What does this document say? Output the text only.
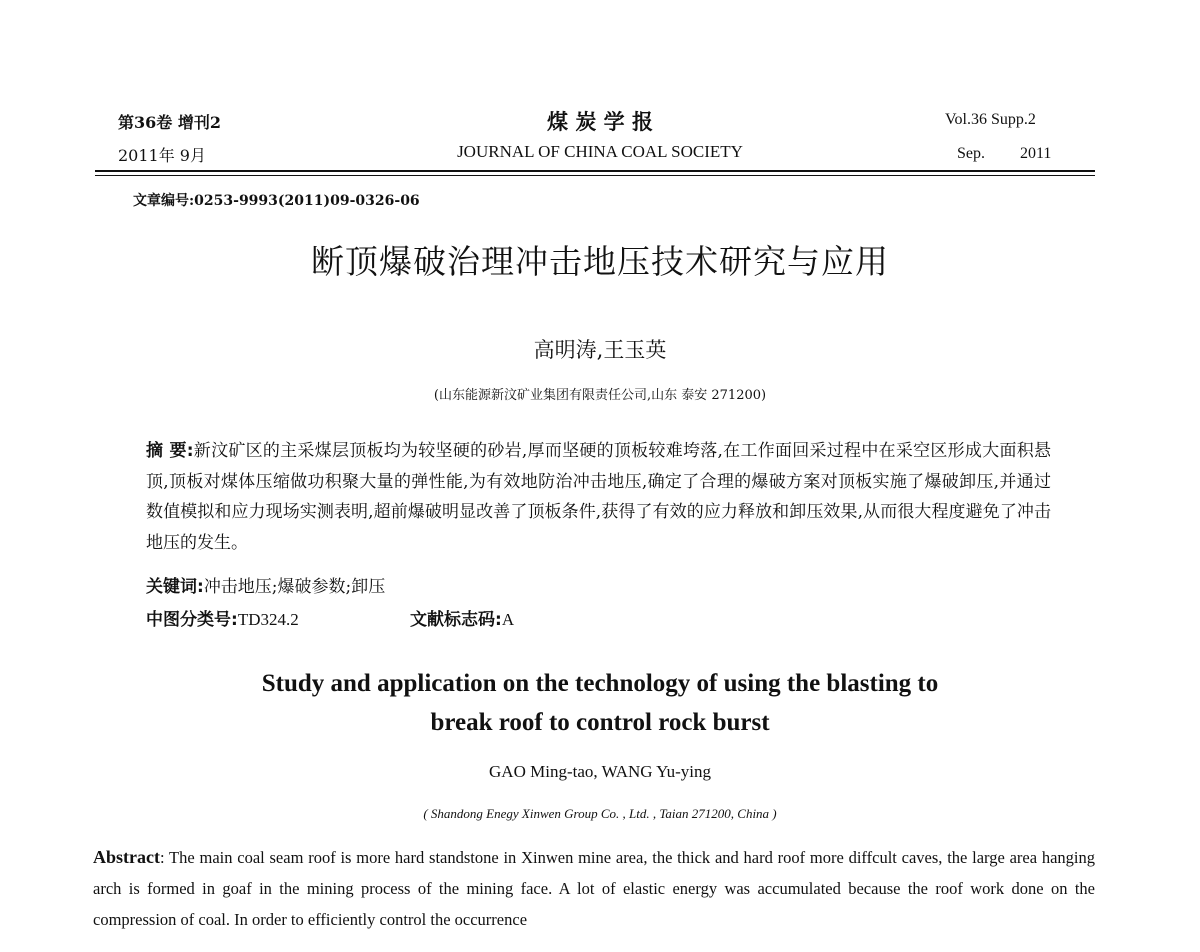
第36卷 增刊2
2011年 9月
煤 炭 学 报
JOURNAL OF CHINA COAL SOCIETY
Vol.36 Supp.2
Sep. 2011
文章编号:0253-9993(2011)09-0326-06
断顶爆破治理冲击地压技术研究与应用
高明涛,王玉英
(山东能源新汶矿业集团有限责任公司,山东 泰安 271200)
摘 要:新汶矿区的主采煤层顶板均为较坚硬的砂岩,厚而坚硬的顶板较难垮落,在工作面回采过程中在采空区形成大面积悬顶,顶板对煤体压缩做功积聚大量的弹性能,为有效地防治冲击地压,确定了合理的爆破方案对顶板实施了爆破卸压,并通过数值模拟和应力现场实测表明,超前爆破明显改善了顶板条件,获得了有效的应力释放和卸压效果,从而很大程度避免了冲击地压的发生。
关键词:冲击地压;爆破参数;卸压
中图分类号:TD324.2	文献标志码:A
Study and application on the technology of using the blasting to
break roof to control rock burst
GAO Ming-tao, WANG Yu-ying
( Shandong Enegy Xinwen Group Co. , Ltd. , Taian 271200, China )
Abstract: The main coal seam roof is more hard standstone in Xinwen mine area, the thick and hard roof more diffcult caves, the large area hanging arch is formed in goaf in the mining process of the mining face. A lot of elastic energy was accumulated because the roof work done on the compression of coal. In order to efficiently control the occurrence
